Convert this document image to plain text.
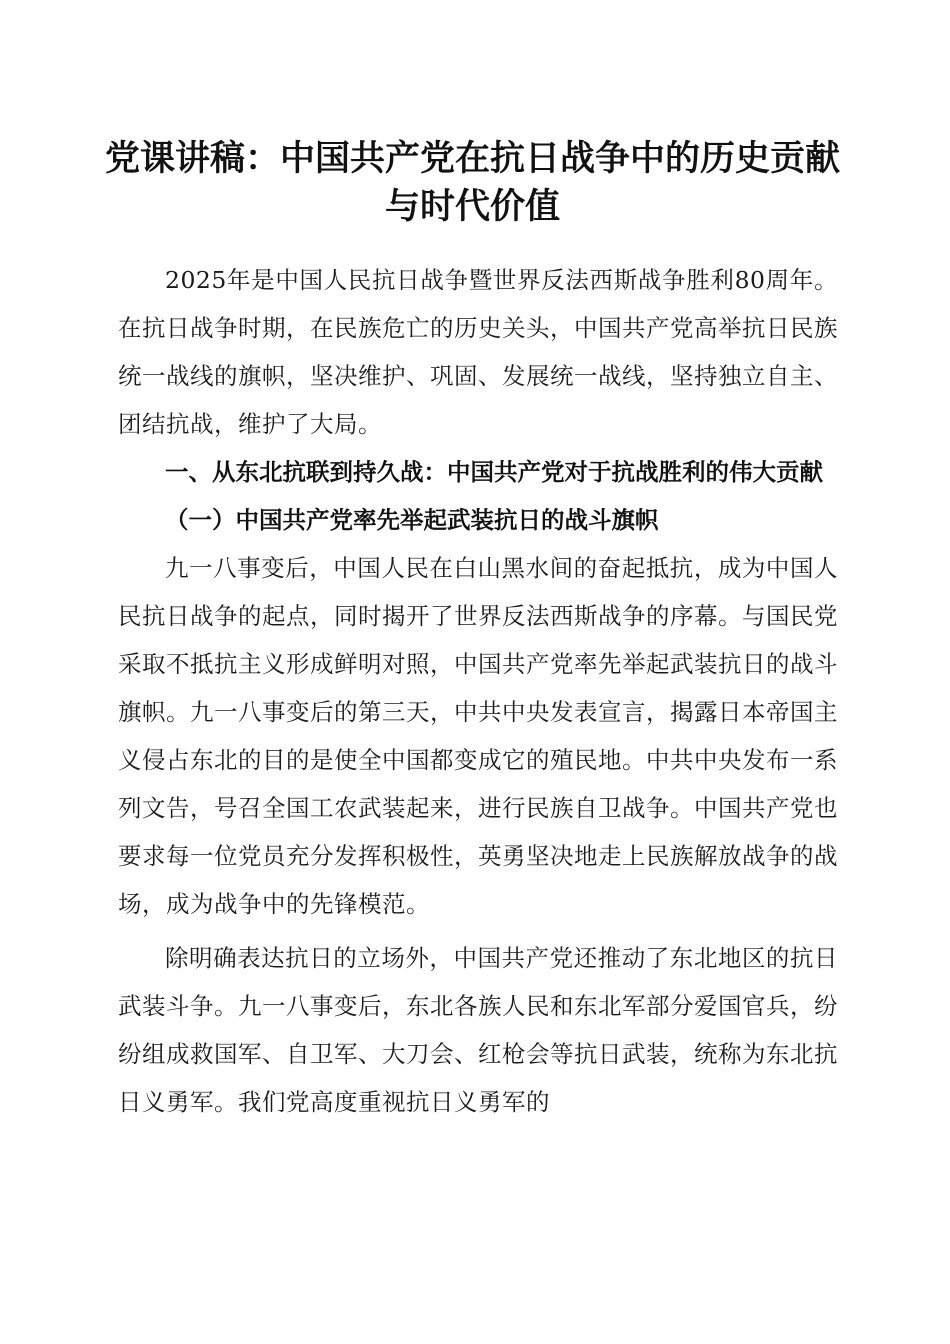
党课讲稿：中国共产党在抗日战争中的历史贡献与时代价值

2025年是中国人民抗日战争暨世界反法西斯战争胜利80周年。在抗日战争时期，在民族危亡的历史关头，中国共产党高举抗日民族统一战线的旗帜，坚决维护、巩固、发展统一战线，坚持独立自主、团结抗战，维护了大局。

一、从东北抗联到持久战：中国共产党对于抗战胜利的伟大贡献

（一）中国共产党率先举起武装抗日的战斗旗帜

九一八事变后，中国人民在白山黑水间的奋起抵抗，成为中国人民抗日战争的起点，同时揭开了世界反法西斯战争的序幕。与国民党采取不抵抗主义形成鲜明对照，中国共产党率先举起武装抗日的战斗旗帜。九一八事变后的第三天，中共中央发表宣言，揭露日本帝国主义侵占东北的目的是使全中国都变成它的殖民地。中共中央发布一系列文告，号召全国工农武装起来，进行民族自卫战争。中国共产党也要求每一位党员充分发挥积极性，英勇坚决地走上民族解放战争的战场，成为战争中的先锋模范。

除明确表达抗日的立场外，中国共产党还推动了东北地区的抗日武装斗争。九一八事变后，东北各族人民和东北军部分爱国官兵，纷纷组成救国军、自卫军、大刀会、红枪会等抗日武装，统称为东北抗日义勇军。我们党高度重视抗日义勇军的
